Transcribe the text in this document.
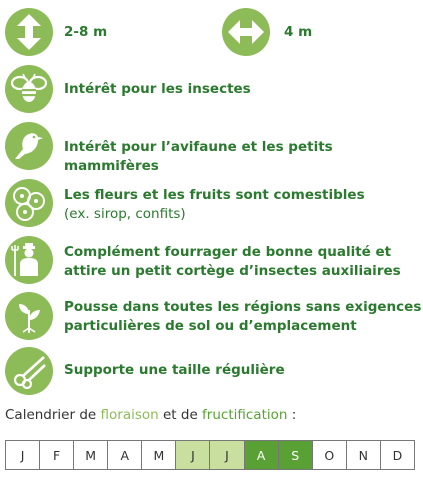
2-8 m	4 m
Intérêt pour les insectes
Intérêt pour l’avifaune et les petits mammifères
Les fleurs et les fruits sont comestibles
(ex. sirop, confits)
Complément fourrager de bonne qualité et
attire un petit cortège d’insectes auxiliaires
Pousse dans toutes les régions sans exigences
particulières de sol ou d’emplacement
Supporte une taille régulière
Calendrier de floraison et de fructification :
J F M A M J J A S O N D
